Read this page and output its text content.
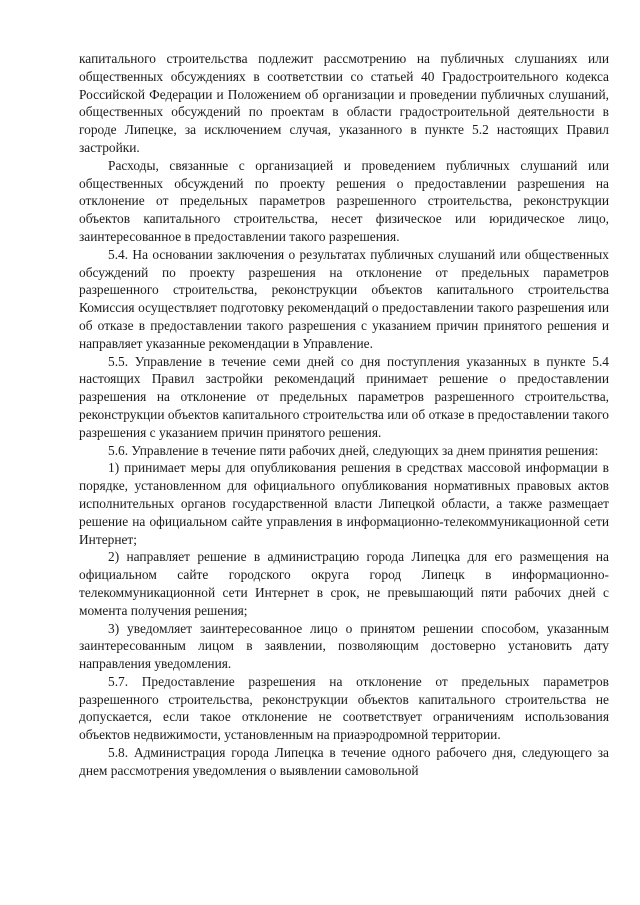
капитального строительства подлежит рассмотрению на публичных слушаниях или общественных обсуждениях в соответствии со статьей 40 Градостроительного кодекса Российской Федерации и Положением об организации и проведении публичных слушаний, общественных обсуждений по проектам в области градостроительной деятельности в городе Липецке, за исключением случая, указанного в пункте 5.2 настоящих Правил застройки.

Расходы, связанные с организацией и проведением публичных слушаний или общественных обсуждений по проекту решения о предоставлении разрешения на отклонение от предельных параметров разрешенного строительства, реконструкции объектов капитального строительства, несет физическое или юридическое лицо, заинтересованное в предоставлении такого разрешения.

5.4. На основании заключения о результатах публичных слушаний или общественных обсуждений по проекту разрешения на отклонение от предельных параметров разрешенного строительства, реконструкции объектов капитального строительства Комиссия осуществляет подготовку рекомендаций о предоставлении такого разрешения или об отказе в предоставлении такого разрешения с указанием причин принятого решения и направляет указанные рекомендации в Управление.

5.5. Управление в течение семи дней со дня поступления указанных в пункте 5.4 настоящих Правил застройки рекомендаций принимает решение о предоставлении разрешения на отклонение от предельных параметров разрешенного строительства, реконструкции объектов капитального строительства или об отказе в предоставлении такого разрешения с указанием причин принятого решения.

5.6. Управление в течение пяти рабочих дней, следующих за днем принятия решения:

1) принимает меры для опубликования решения в средствах массовой информации в порядке, установленном для официального опубликования нормативных правовых актов исполнительных органов государственной власти Липецкой области, а также размещает решение на официальном сайте управления в информационно-телекоммуникационной сети Интернет;

2) направляет решение в администрацию города Липецка для его размещения на официальном сайте городского округа город Липецк в информационно-телекоммуникационной сети Интернет в срок, не превышающий пяти рабочих дней с момента получения решения;

3) уведомляет заинтересованное лицо о принятом решении способом, указанным заинтересованным лицом в заявлении, позволяющим достоверно установить дату направления уведомления.

5.7. Предоставление разрешения на отклонение от предельных параметров разрешенного строительства, реконструкции объектов капитального строительства не допускается, если такое отклонение не соответствует ограничениям использования объектов недвижимости, установленным на приаэродромной территории.

5.8. Администрация города Липецка в течение одного рабочего дня, следующего за днем рассмотрения уведомления о выявлении самовольной
